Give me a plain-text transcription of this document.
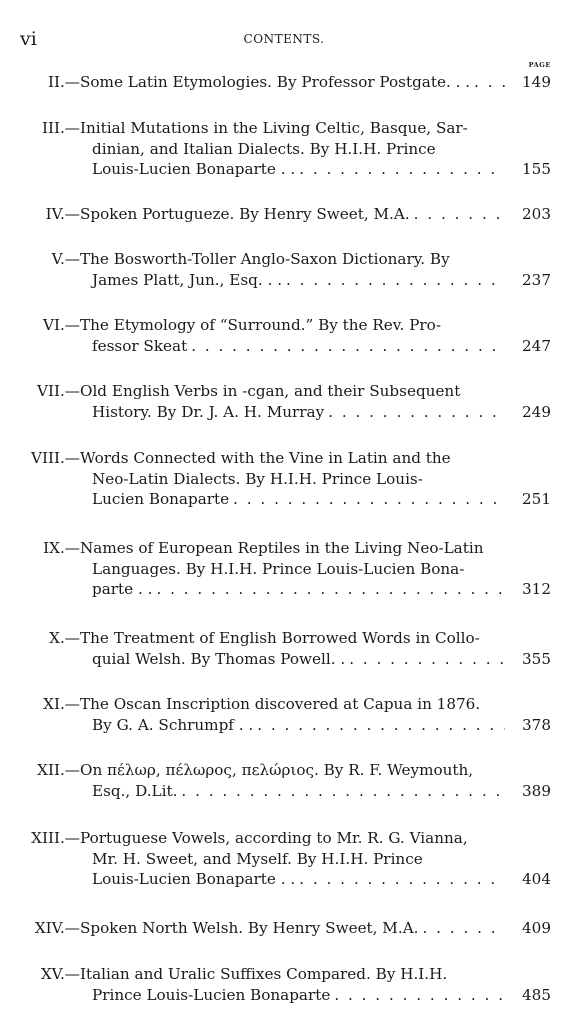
vi	CONTENTS.
PAGE
II.— Some Latin Etymologies. By Professor Postgate. . . . . .	149
III.— Initial Mutations in the Living Celtic, Basque, Sar-
dinian, and Italian Dialects. By H.I.H. Prince
Louis-Lucien Bonaparte . . . . .	155
IV.— Spoken Portugueze. By Henry Sweet, M.A. . . .	203
V.— The Bosworth-Toller Anglo-Saxon Dictionary. By
James Platt, Jun., Esq. . . . . .	237
VI.— The Etymology of “Surround.” By the Rev. Pro-
fessor Skeat . . .	247
VII.— Old English Verbs in -cgan, and their Subsequent
History. By Dr. J. A. H. Murray . . .	249
VIII.— Words Connected with the Vine in Latin and the
Neo-Latin Dialects. By H.I.H. Prince Louis-
Lucien Bonaparte . . .	251
IX.— Names of European Reptiles in the Living Neo-Latin
Languages. By H.I.H. Prince Louis-Lucien Bona-
parte . . . . .	312
X.— The Treatment of English Borrowed Words in Collo-
quial Welsh. By Thomas Powell. . . . .	355
XI.— The Oscan Inscription discovered at Capua in 1876.
By G. A. Schrumpf . . . . .	378
XII.— On πέλωρ, πέλωρος, πελώριος. By R. F. Weymouth,
Esq., D.Lit. . . .	389
XIII.— Portuguese Vowels, according to Mr. R. G. Vianna,
Mr. H. Sweet, and Myself. By H.I.H. Prince
Louis-Lucien Bonaparte . . . . .	404
XIV.— Spoken North Welsh. By Henry Sweet, M.A. . . .	409
XV.— Italian and Uralic Suffixes Compared. By H.I.H.
Prince Louis-Lucien Bonaparte . . .	485
